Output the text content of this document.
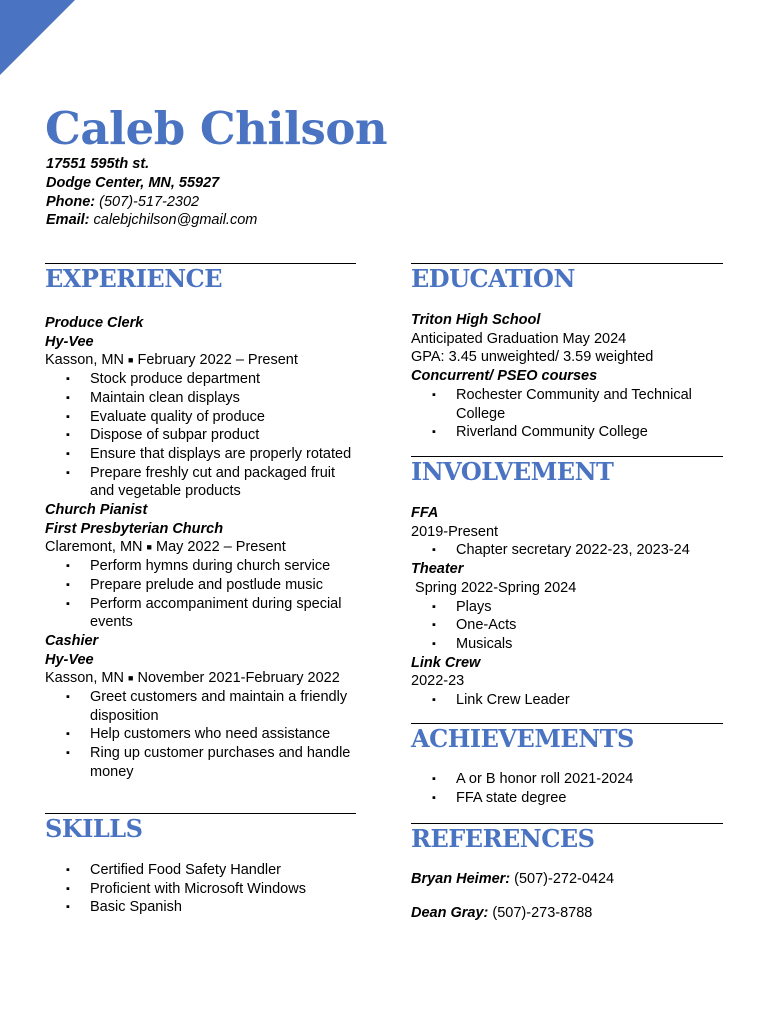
Caleb Chilson
17551 595th st.
Dodge Center, MN, 55927
Phone: (507)-517-2302
Email: calebjchilson@gmail.com
EXPERIENCE
Produce Clerk
Hy-Vee
Kasson, MN ■ February 2022 – Present
▪ Stock produce department
▪ Maintain clean displays
▪ Evaluate quality of produce
▪ Dispose of subpar product
▪ Ensure that displays are properly rotated
▪ Prepare freshly cut and packaged fruit and vegetable products
Church Pianist
First Presbyterian Church
Claremont, MN ■ May 2022 – Present
▪ Perform hymns during church service
▪ Prepare prelude and postlude music
▪ Perform accompaniment during special events
Cashier
Hy-Vee
Kasson, MN ■ November 2021-February 2022
▪ Greet customers and maintain a friendly disposition
▪ Help customers who need assistance
▪ Ring up customer purchases and handle money
SKILLS
▪ Certified Food Safety Handler
▪ Proficient with Microsoft Windows
▪ Basic Spanish
EDUCATION
Triton High School
Anticipated Graduation May 2024
GPA: 3.45 unweighted/ 3.59 weighted
Concurrent/ PSEO courses
▪ Rochester Community and Technical College
▪ Riverland Community College
INVOLVEMENT
FFA
2019-Present
▪ Chapter secretary 2022-23, 2023-24
Theater
Spring 2022-Spring 2024
▪ Plays
▪ One-Acts
▪ Musicals
Link Crew
2022-23
▪ Link Crew Leader
ACHIEVEMENTS
▪ A or B honor roll 2021-2024
▪ FFA state degree
REFERENCES
Bryan Heimer: (507)-272-0424
Dean Gray: (507)-273-8788
